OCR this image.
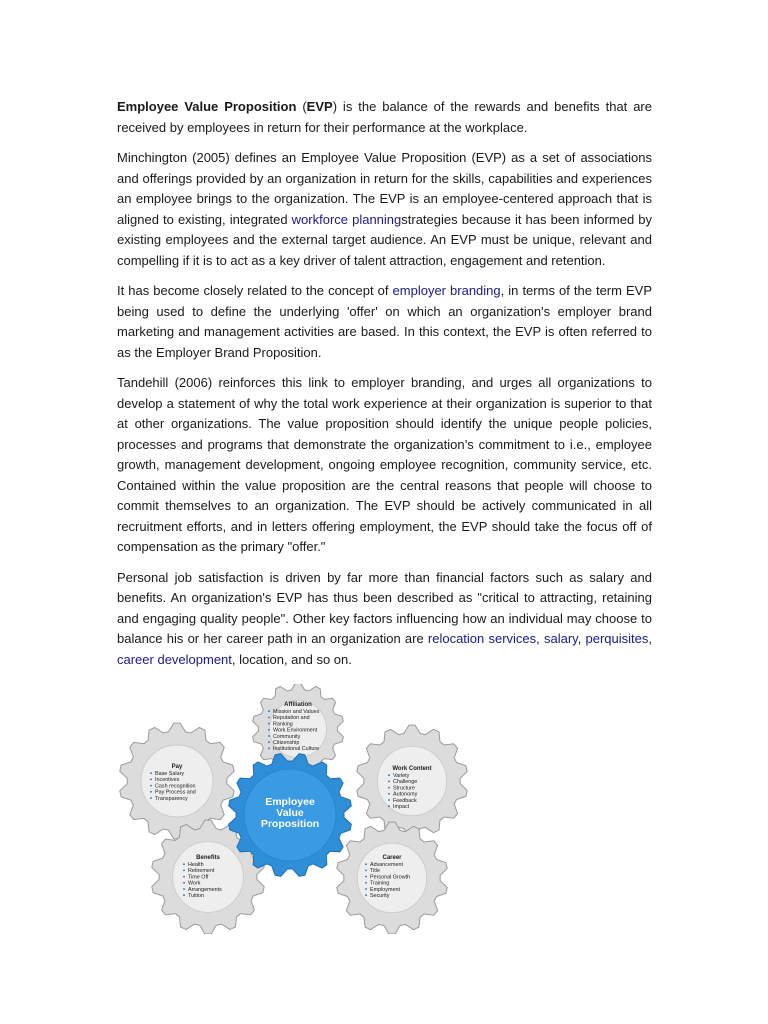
Employee Value Proposition (EVP) is the balance of the rewards and benefits that are received by employees in return for their performance at the workplace.

Minchington (2005) defines an Employee Value Proposition (EVP) as a set of associations and offerings provided by an organization in return for the skills, capabilities and experiences an employee brings to the organization. The EVP is an employee-centered approach that is aligned to existing, integrated workforce planningstrategies because it has been informed by existing employees and the external target audience. An EVP must be unique, relevant and compelling if it is to act as a key driver of talent attraction, engagement and retention.

It has become closely related to the concept of employer branding, in terms of the term EVP being used to define the underlying 'offer' on which an organization's employer brand marketing and management activities are based. In this context, the EVP is often referred to as the Employer Brand Proposition.

Tandehill (2006) reinforces this link to employer branding, and urges all organizations to develop a statement of why the total work experience at their organization is superior to that at other organizations. The value proposition should identify the unique people policies, processes and programs that demonstrate the organization’s commitment to i.e., employee growth, management development, ongoing employee recognition, community service, etc. Contained within the value proposition are the central reasons that people will choose to commit themselves to an organization. The EVP should be actively communicated in all recruitment efforts, and in letters offering employment, the EVP should take the focus off of compensation as the primary "offer."

Personal job satisfaction is driven by far more than financial factors such as salary and benefits. An organization's EVP has thus been described as "critical to attracting, retaining and engaging quality people". Other key factors influencing how an individual may choose to balance his or her career path in an organization are relocation services, salary, perquisites, career development, location, and so on.

Affiliation
Mission and Values
Reputation and
Ranking
Work Environment
Community
Citizenship
Institutional Culture
Pay
Base Salary
Incentives
Cash recognition
Pay Process and
Transparency
Work Content
Variety
Challenge
Structure
Autonomy
Feedback
Impact
Benefits
Health
Retirement
Time Off
Work
Arrangements
Tuition
Career
Advancement
Title
Personal Growth
Training
Employment
Security
Employee
Value
Proposition
